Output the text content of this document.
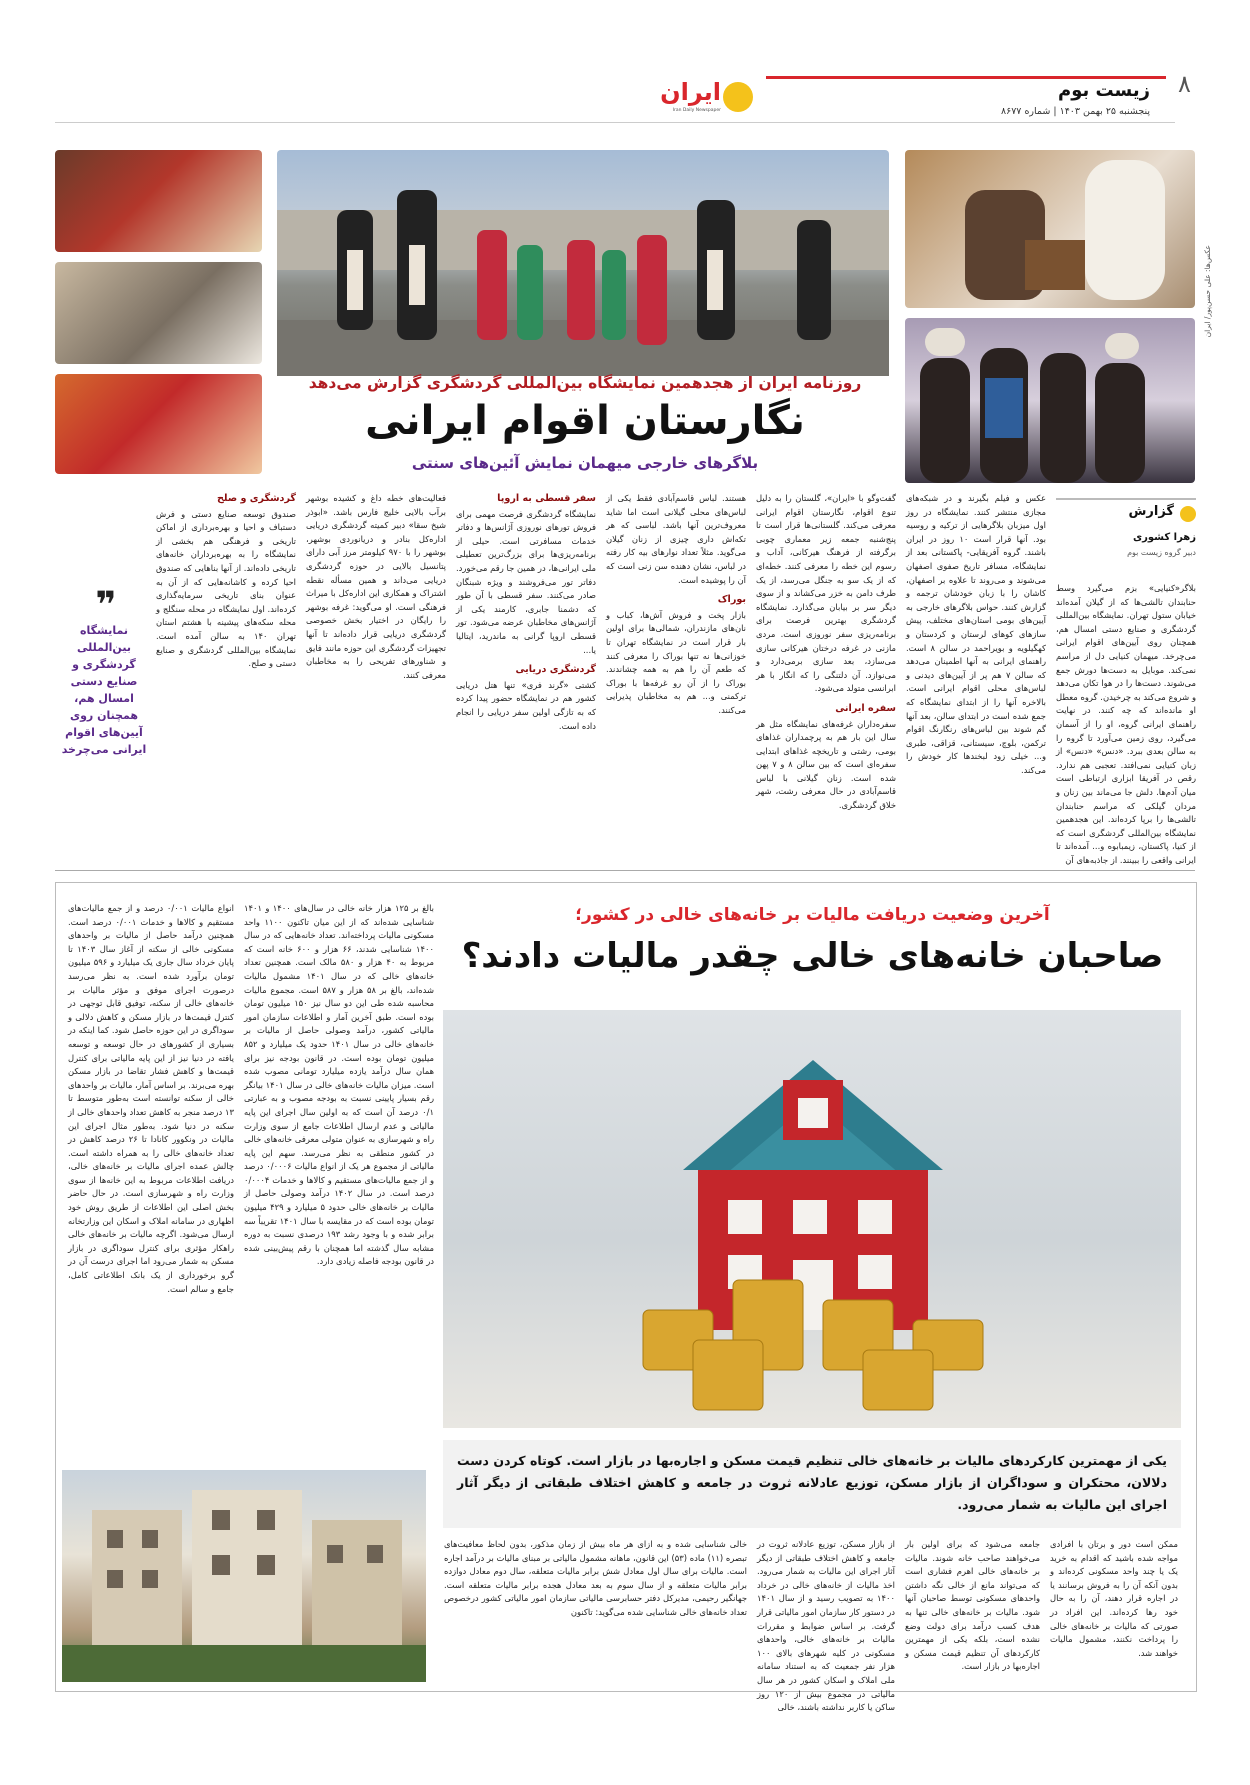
۸
زیست بوم
پنجشنبه ۲۵ بهمن ۱۴۰۳ | شماره ۸۶۷۷
ایران
Iran Daily Newspaper
عکس‌ها: علی حسن‌پور/ ایران
روزنامه ایران از هجدهمین نمایشگاه بین‌المللی گردشگری گزارش می‌دهد
نگارستان اقوام ایرانی
بلاگرهای خارجی میهمان نمایش آئین‌های سنتی
گزارش
زهرا کشوری
دبیر گروه زیست بوم

بلاگر«کنیایی» بزم می‌گیرد وسط حنابندان تالشی‌ها که از گیلان آمده‌اند خیابان ستول تهران. نمایشگاه بین‌المللی گردشگری و صنایع دستی امسال هم، همچنان روی آیین‌های اقوام ایرانی می‌چرخد. میهمان کنیایی دل از مراسم نمی‌کند. موبایل به دست‌ها دورش جمع می‌شوند. دست‌ها را در هوا تکان می‌دهد و شروع می‌کند به چرخیدن. گروه معطل او مانده‌اند که چه کنند. در نهایت راهنمای ایرانی گروه، او را از آسمان می‌گیرد، روی زمین می‌آورد تا گروه را به سالن بعدی ببرد. «دنس» «دنس» از زبان کنیایی نمی‌افتد. تعجبی هم ندارد. رقص در آفریقا ابزاری ارتباطی است میان آدم‌ها. دلش جا می‌ماند بین زنان و مردان گیلکی که مراسم حنابندان تالشی‌ها را برپا کرده‌اند. این هجدهمین نمایشگاه بین‌المللی گردشگری است که از کنیا، پاکستان، زیمبابوه و... آمده‌اند تا ایرانی واقعی را ببینند. از جاذبه‌های آن

عکس و فیلم بگیرند و در شبکه‌های مجازی منتشر کنند. نمایشگاه در روز اول میزبان بلاگرهایی از ترکیه و روسیه بود. آنها قرار است ۱۰ روز در ایران باشند. گروه آفریقایی- پاکستانی بعد از نمایشگاه، مسافر تاریخ صفوی اصفهان می‌شوند و می‌روند تا علاوه بر اصفهان، کاشان را با زبان خودشان ترجمه و گزارش کنند. حواس بلاگرهای خارجی به آیین‌های بومی استان‌های مختلف، پیش سازهای کوهای لرستان و کردستان و کهگیلویه و بویراحمد در سالن ۸ است. راهنمای ایرانی به آنها اطمینان می‌دهد که سالن ۷ هم پر از آیین‌های دیدنی و لباس‌های محلی اقوام ایرانی است. بالاخره آنها را از ابتدای نمایشگاه که جمع شده است در ابتدای سالن، بعد آنها گم شوند بین لباس‌های رنگارنگ اقوام ترکمن، بلوچ، سیستانی، قزاقی، طبری و... خیلی زود لبخندها کار خودش را می‌کند.

گفت‌وگو با «ایران»، گلستان را به دلیل تنوع اقوام، نگارستان اقوام ایرانی معرفی می‌کند. گلستانی‌ها قرار است تا پنج‌شنبه جمعه زیر معماری چوبی برگرفته از فرهنگ هیرکانی، آداب و رسوم این خطه را معرفی کنند. خطه‌ای که از یک سو به جنگل می‌رسد، از یک طرف دامن به خزر می‌کشاند و از سوی دیگر سر بر بیابان می‌گذارد. نمایشگاه گردشگری بهترین فرصت برای برنامه‌ریزی سفر نوروزی است. مردی مازنی در غرفه درختان هیرکانی سازی می‌سازد، بعد سازی برمی‌دارد و می‌نوازد. آن دلتنگی را که انگار با هر ابرانسی متولد می‌شود.

سفره ایرانی

سفره‌داران غرفه‌های نمایشگاه مثل هر سال این بار هم به پرچمداران غذاهای بومی، رشتی و تاریخچه غذاهای ابتدایی سفره‌ای است که بین سالن ۸ و ۷ پهن شده است. زنان گیلانی با لباس قاسم‌آبادی در حال معرفی رشت، شهر خلاق گردشگری.

هستند. لباس قاسم‌آبادی فقط یکی از لباس‌های محلی گیلانی است اما شاید معروف‌ترین آنها باشد. لباسی که هر تکه‌اش داری چیزی از زنان گیلان می‌گوید. مثلاً تعداد نوارهای بیه کار رفته در لباس، نشان دهنده سن زنی است که آن را پوشیده است.

بوراک

بازار پخت و فروش آش‌ها، کباب و نان‌های مازندران، شمالی‌ها برای اولین بار قرار است در نمایشگاه تهران تا خوزانی‌ها نه تنها بوراک را معرفی کنند که طعم آن را هم به همه چشاندند. بوراک را از آن رو غرفه‌ها با بوراک ترکمنی و... هم به مخاطبان پذیرایی می‌کنند.

سفر قسطی به اروپا

نمایشگاه گردشگری فرصت مهمی برای فروش تورهای نوروزی آژانس‌ها و دفاتر خدمات مسافرتی است. حیلی از برنامه‌ریزی‌ها برای بزرگ‌ترین تعطیلی ملی ایرانی‌ها، در همین جا رقم می‌خورد. دفاتر تور می‌فروشند و ویژه شبنگان صادر می‌کنند. سفر قسطی با آن طور که دشمنا جابری، کارمند یکی از آژانس‌های مخاطبان عرضه می‌شود. تور قسطی اروپا گرانی به ماندرید، ایتالیا یا...

گردشگری دریایی

کشتی «گرند فری» تنها هتل دریایی کشور هم در نمایشگاه حضور پیدا کرده که به تازگی اولین سفر دریایی را انجام داده است.

فعالیت‌های خطه داغ و کشیده بوشهر برآب بالایی خلیج فارس باشد. «ابوذر شیخ سقا» دبیر کمیته گردشگری دریایی اداره‌کل بنادر و دریانوردی بوشهر، بوشهر را با ۹۷۰ کیلومتر مرز آبی دارای پتانسیل بالایی در حوزه گردشگری دریایی می‌داند و همین مسأله نقطه اشتراک و همکاری این اداره‌کل با میراث فرهنگی است. او می‌گوید: غرفه بوشهر را رایگان در اختیار بخش خصوصی گردشگری دریایی قرار داده‌اند تا آنها تجهیزات گردشگری این حوزه مانند فایق و شناورهای تفریحی را به مخاطبان معرفی کنند.

گردشگری و صلح

صندوق توسعه صنایع دستی و فرش دستباف و احیا و بهره‌برداری از اماکن تاریخی و فرهنگی هم بخشی از نمایشگاه را به بهره‌برداران خانه‌های تاریخی داده‌اند. از آنها بناهایی که صندوق احیا کرده و کاشانه‌هایی که از آن به عنوان بنای تاریخی سرمایه‌گذاری کرده‌اند. اول نمایشگاه در محله سنگلج و محله سکه‌های پیشینه با هشتم استان تهران ۱۴۰ به سالن آمده است. نمایشگاه بین‌المللی گردشگری و صنایع دستی و صلح.

❞
نمایشگاه بین‌المللی گردشگری و صنایع دستی امسال هم، همچنان روی آیین‌های اقوام ایرانی می‌چرخد
آخرین وضعیت دریافت مالیات بر خانه‌های خالی در کشور؛
صاحبان خانه‌های خالی چقدر مالیات دادند؟
یکی از مهمترین کارکردهای مالیات بر خانه‌های خالی تنظیم قیمت مسکن و اجاره‌بها در بازار است. کوتاه کردن دست دلالان، محتکران و سوداگران از بازار مسکن، توزیع عادلانه ثروت در جامعه و کاهش اختلاف طبقاتی از دیگر آثار اجرای این مالیات به شمار می‌رود.
بالغ بر ۱۲۵ هزار خانه خالی در سال‌های ۱۴۰۰ و ۱۴۰۱ شناسایی شده‌اند که از این میان تاکنون ۱۱۰۰ واحد مسکونی مالیات پرداخته‌اند. تعداد خانه‌هایی که در سال ۱۴۰۰ شناسایی شدند، ۶۶ هزار و ۶۰۰ خانه است که مربوط به ۴۰ هزار و ۵۸۰ مالک است. همچنین تعداد خانه‌های خالی که در سال ۱۴۰۱ مشمول مالیات شده‌اند، بالغ بر ۵۸ هزار و ۵۸۷ است. مجموع مالیات محاسبه شده طی این دو سال نیز ۱۵۰ میلیون تومان بوده است. طبق آخرین آمار و اطلاعات سازمان امور مالیاتی کشور، درآمد وصولی حاصل از مالیات بر خانه‌های خالی در سال ۱۴۰۱ حدود یک میلیارد و ۸۵۲ میلیون تومان بوده است. در قانون بودجه نیز برای همان سال درآمد یازده میلیارد تومانی مصوب شده است. میزان مالیات خانه‌های خالی در سال ۱۴۰۱ بیانگر رقم بسیار پایینی نسبت به بودجه مصوب و به عبارتی ۰/۱ درصد آن است که به اولین سال اجرای این پایه مالیاتی و عدم ارسال اطلاعات جامع از سوی وزارت راه و شهرسازی به عنوان متولی معرفی خانه‌های خالی در کشور منطقی به نظر می‌رسد. سهم این پایه مالیاتی از مجموع هر یک از انواع مالیات ۰/۰۰۰۶ درصد و از جمع مالیات‌های مستقیم و کالاها و خدمات ۰/۰۰۰۴ درصد است. در سال ۱۴۰۲ درآمد وصولی حاصل از مالیات بر خانه‌های خالی حدود ۵ میلیارد و ۴۲۹ میلیون تومان بوده است که در مقایسه با سال ۱۴۰۱ تقریباً سه برابر شده و با وجود رشد ۱۹۳ درصدی نسبت به دوره مشابه سال گذشته اما همچنان با رقم پیش‌بینی شده در قانون بودجه فاصله زیادی دارد.
انواع مالیات ۰/۰۰۱ درصد و از جمع مالیات‌های مستقیم و کالاها و خدمات ۰/۰۰۱ درصد است. همچنین درآمد حاصل از مالیات بر واحدهای مسکونی خالی از سکنه از آغاز سال ۱۴۰۳ تا پایان خرداد سال جاری یک میلیارد و ۵۹۶ میلیون تومان برآورد شده است. به نظر می‌رسد درصورت اجرای موفق و مؤثر مالیات بر خانه‌های خالی از سکنه، توفیق قابل توجهی در کنترل قیمت‌ها در بازار مسکن و کاهش دلالی و سوداگری در این حوزه حاصل شود. کما اینکه در بسیاری از کشورهای در حال توسعه و توسعه یافته در دنیا نیز از این پایه مالیاتی برای کنترل قیمت‌ها و کاهش فشار تقاضا در بازار مسکن بهره می‌برند. بر اساس آمار، مالیات بر واحدهای خالی از سکنه توانسته است به‌طور متوسط تا ۱۳ درصد منجر به کاهش تعداد واحدهای خالی از سکنه در دنیا شود. به‌طور مثال اجرای این مالیات در ونکوور کانادا تا ۲۶ درصد کاهش در تعداد خانه‌های خالی را به همراه داشته است. چالش عمده اجرای مالیات بر خانه‌های خالی، دریافت اطلاعات مربوط به این خانه‌ها از سوی وزارت راه و شهرسازی است. در حال حاضر بخش اصلی این اطلاعات از طریق روش خود اظهاری در سامانه املاک و اسکان این وزارتخانه ارسال می‌شود. اگرچه مالیات بر خانه‌های خالی راهکار مؤثری برای کنترل سوداگری در بازار مسکن به شمار می‌رود اما اجرای درست آن در گرو برخورداری از یک بانک اطلاعاتی کامل، جامع و سالم است.
ممکن است دور و برتان با افرادی مواجه شده باشید که اقدام به خرید یک یا چند واحد مسکونی کرده‌اند و بدون آنکه آن را به فروش برسانند یا در اجاره قرار دهند، آن را به حال خود رها کرده‌اند. این افراد در صورتی که مالیات بر خانه‌های خالی را پرداخت نکنند، مشمول مالیات خواهند شد.
جامعه می‌شود که برای اولین بار می‌خواهند صاحب خانه شوند. مالیات بر خانه‌های خالی اهرم فشاری است که می‌تواند مانع از خالی نگه داشتن واحدهای مسکونی توسط صاحبان آنها شود. مالیات بر خانه‌های خالی تنها به هدف کسب درآمد برای دولت وضع نشده است، بلکه یکی از مهمترین کارکردهای آن تنظیم قیمت مسکن و اجاره‌بها در بازار است.
از بازار مسکن، توزیع عادلانه ثروت در جامعه و کاهش اختلاف طبقاتی از دیگر آثار اجرای این مالیات به شمار می‌رود. اخذ مالیات از خانه‌های خالی در خرداد ۱۴۰۰ به تصویب رسید و از سال ۱۴۰۱ در دستور کار سازمان امور مالیاتی قرار گرفت. بر اساس ضوابط و مقررات مالیات بر خانه‌های خالی، واحدهای مسکونی در کلیه شهرهای بالای ۱۰۰ هزار نفر جمعیت که به استناد سامانه ملی املاک و اسکان کشور در هر سال مالیاتی در مجموع بیش از ۱۲۰ روز ساکن یا کاربر نداشته باشند، خالی
خالی شناسایی شده و به ازای هر ماه بیش از زمان مذکور، بدون لحاظ معافیت‌های تبصره (۱۱) ماده (۵۳) این قانون، ماهانه مشمول مالیاتی بر مبنای مالیات بر درآمد اجاره است. مالیات برای سال اول معادل شش برابر مالیات متعلقه، سال دوم معادل دوازده برابر مالیات متعلقه و از سال سوم به بعد معادل هجده برابر مالیات متعلقه است. جهانگیر رحیمی، مدیرکل دفتر حسابرسی مالیاتی سازمان امور مالیاتی کشور درخصوص تعداد خانه‌های خالی شناسایی شده می‌گوید: تاکنون
